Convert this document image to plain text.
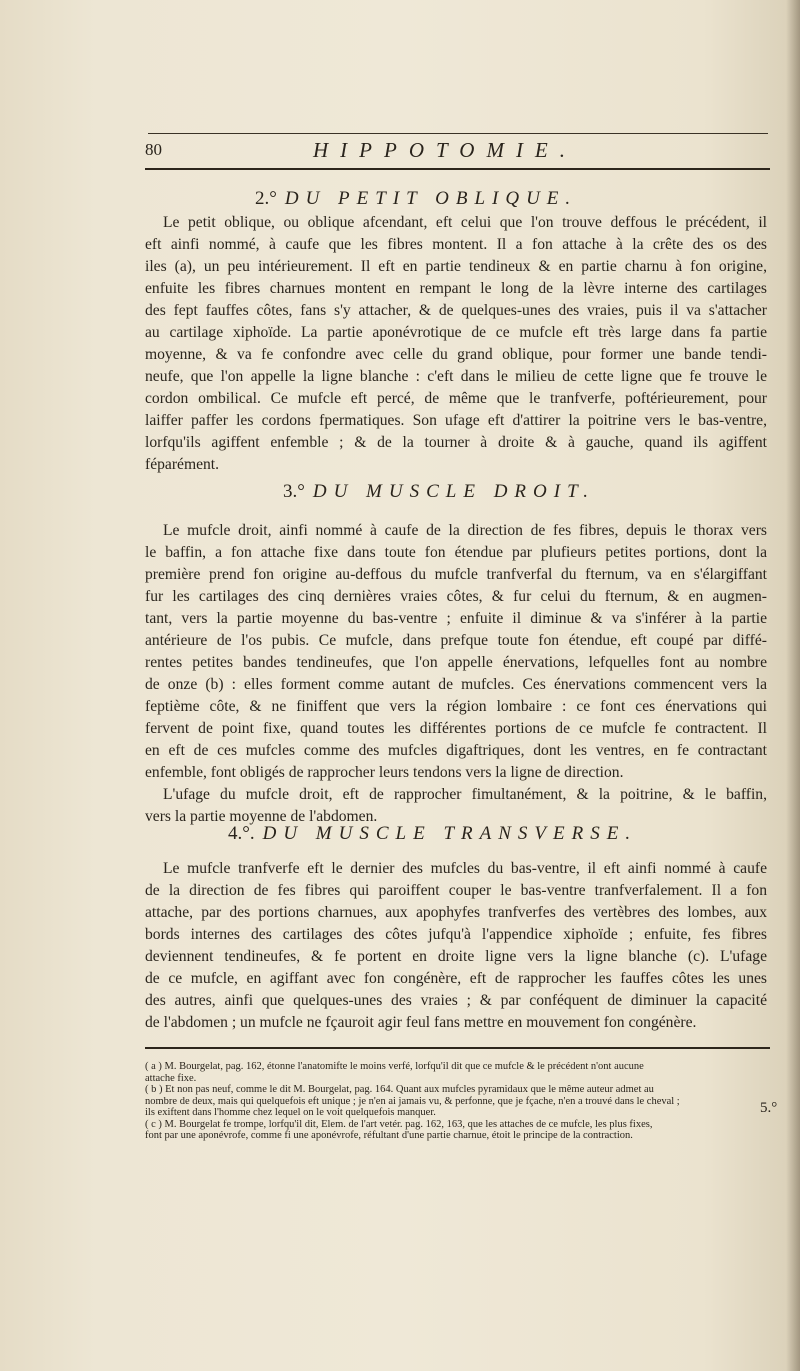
80	HIPPOTOMIE.
2.° DU PETIT OBLIQUE.
Le petit oblique, ou oblique afcendant, eft celui que l'on trouve deffous le précédent, il
eft ainfi nommé, à caufe que les fibres montent. Il a fon attache à la crête des os des
iles (a), un peu intérieurement. Il eft en partie tendineux & en partie charnu à fon origine,
enfuite les fibres charnues montent en rempant le long de la lèvre interne des cartilages
des fept fauffes côtes, fans s'y attacher, & de quelques-unes des vraies, puis il va s'attacher
au cartilage xiphoïde. La partie aponévrotique de ce mufcle eft très large dans fa partie
moyenne, & va fe confondre avec celle du grand oblique, pour former une bande tendi-
neufe, que l'on appelle la ligne blanche : c'eft dans le milieu de cette ligne que fe trouve le
cordon ombilical. Ce mufcle eft percé, de même que le tranfverfe, poftérieurement, pour
laiffer paffer les cordons fpermatiques. Son ufage eft d'attirer la poitrine vers le bas-ventre,
lorfqu'ils agiffent enfemble ; & de la tourner à droite & à gauche, quand ils agiffent
féparément.
3.° DU MUSCLE DROIT.
Le mufcle droit, ainfi nommé à caufe de la direction de fes fibres, depuis le thorax vers
le baffin, a fon attache fixe dans toute fon étendue par plufieurs petites portions, dont la
première prend fon origine au-deffous du mufcle tranfverfal du fternum, va en s'élargiffant
fur les cartilages des cinq dernières vraies côtes, & fur celui du fternum, & en augmen-
tant, vers la partie moyenne du bas-ventre ; enfuite il diminue & va s'inférer à la partie
antérieure de l'os pubis. Ce mufcle, dans prefque toute fon étendue, eft coupé par diffé-
rentes petites bandes tendineufes, que l'on appelle énervations, lefquelles font au nombre
de onze (b) : elles forment comme autant de mufcles. Ces énervations commencent vers la
feptième côte, & ne finiffent que vers la région lombaire : ce font ces énervations qui
fervent de point fixe, quand toutes les différentes portions de ce mufcle fe contractent. Il
en eft de ces mufcles comme des mufcles digaftriques, dont les ventres, en fe contractant
enfemble, font obligés de rapprocher leurs tendons vers la ligne de direction.
L'ufage du mufcle droit, eft de rapprocher fimultanément, & la poitrine, & le baffin,
vers la partie moyenne de l'abdomen.
4.°. DU MUSCLE TRANSVERSE.
Le mufcle tranfverfe eft le dernier des mufcles du bas-ventre, il eft ainfi nommé à caufe
de la direction de fes fibres qui paroiffent couper le bas-ventre tranfverfalement. Il a fon
attache, par des portions charnues, aux apophyfes tranfverfes des vertèbres des lombes, aux
bords internes des cartilages des côtes jufqu'à l'appendice xiphoïde ; enfuite, fes fibres
deviennent tendineufes, & fe portent en droite ligne vers la ligne blanche (c). L'ufage
de ce mufcle, en agiffant avec fon congénère, eft de rapprocher les fauffes côtes les unes
des autres, ainfi que quelques-unes des vraies ; & par conféquent de diminuer la capacité
de l'abdomen ; un mufcle ne fçauroit agir feul fans mettre en mouvement fon congénère.
( a ) M. Bourgelat, pag. 162, étonne l'anatomifte le moins verfé, lorfqu'il dit que ce mufcle & le précédent n'ont aucune
attache fixe.
( b ) Et non pas neuf, comme le dit M. Bourgelat, pag. 164. Quant aux mufcles pyramidaux que le même auteur admet au
nombre de deux, mais qui quelquefois eft unique ; je n'en ai jamais vu, & perfonne, que je fçache, n'en a trouvé dans le cheval ;
ils exiftent dans l'homme chez lequel on le voit quelquefois manquer.
( c ) M. Bourgelat fe trompe, lorfqu'il dit, Elem. de l'art vetér. pag. 162, 163, que les attaches de ce mufcle, les plus fixes,
font par une aponévrofe, comme fi une aponévrofe, réfultant d'une partie charnue, étoit le principe de la contraction.
5.°
